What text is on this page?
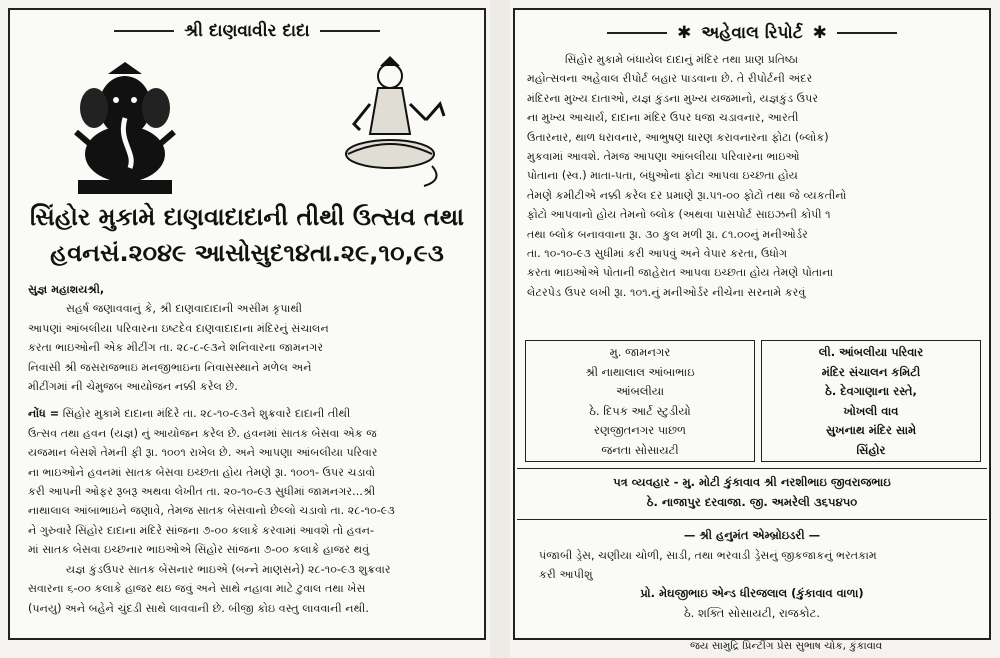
શ્રી દાણવાવીર દાદા
સિંહોર મુકામે દાણવાદાદાની તીથી ઉત્સવ તથા
હવનસં.૨૦૪૯ આસોસુદ૧૪તા.૨૯,૧૦,૯૩

સુજ્ઞ મહાશયશ્રી,

સહર્ષ જણાવવાનું કે, શ્રી દાણવાદાદાની અસીમ કૃપાથી

આપણાં આંબલીયા પરિવારના ઇષ્ટદેવ દાણવાદાદાના મંદિરનું સંચાલન

કરતા ભાઇઓની એક મીટીંગ તા. ૨૮-૮-૯૩ને શનિવારના જામનગર

નિવાસી શ્રી જસરાજભાઇ મનજીભાઇના નિવાસસ્થાને મળેલ અને

મીટીંગમાં ની ચેમુજબ આયોજન નક્કી કરેલ છે.

નોંધ = સિંહોર મુકામે દાદાના મંદિરે તા. ૨૮-૧૦-૯૩ને શુક્રવારે દાદાની તીથી

ઉત્સવ તથા હવન (યજ્ઞ) નું આયોજન કરેલ છે. હવનમાં સાતક બેસવા એક જ

યજમાન બેસશે તેમની ફી રૂા. ૧૦૦૧ રાખેલ છે. અને આપણા આંબલીયા પરિવાર

ના ભાઇઓને હવનમાં સાતક બેસવા ઇચ્છતા હોય તેમણે રૂા. ૧૦૦૧- ઉપર ચડાવો

કરી આપની ઓફર રૂબરૂ અથવા લેખીત તા. ૨૦-૧૦-૯૩ સુધીમાં જામનગર...શ્રી

નાથાલાલ આંબાભાઇને જણાવે, તેમજ સાતક બેસવાનો છેલ્લો ચડાવો તા. ૨૮-૧૦-૯૩

ને ગુરુવારે સિંહોર દાદાના મંદિરે સાંજના ૭-૦૦ કલાકે કરવામાં આવશે તો હવન-

માં સાતક બેસવા ઇચ્છનાર ભાઇઓએ સિંહોર સાંજના ૭-૦૦ કલાકે હાજર થવું

યજ્ઞ કુંડઉપર સાતક બેસનાર ભાઇએ (બન્ને માણસને) ૨૮-૧૦-૯૩ શુક્રવાર

સવારના ૬-૦૦ કલાકે હાજર થઇ જવું અને સાથે નહાવા માટે ટુવાલ તથા ખેસ

(પનયુ) અને બહેને ચુંદડી સાથે લાવવાની છે. બીજી કોઇ વસ્તુ લાવવાની નથી.

✱ અહેવાલ રિપોર્ટ ✱

સિંહોર મુકામે બંધાયેલ દાદાનું મંદિર તથા પ્રાણ પ્રતિષ્ઠા

મહોત્સવના અહેવાલ રીપોર્ટ બહાર પાડવાના છે. તે રીપોર્ટની અંદર

મંદિરના મુખ્ય દાતાઓ, યજ્ઞ કુંડના મુખ્ય યજમાનો, યજ્ઞકુંડ ઉપર

ના મુખ્ય આચાર્ય, દાદાના મંદિર ઉપર ધજા ચડાવનાર, આરતી

ઉતારનાર, થાળ ધરાવનાર, આભુષણ ધારણ કરાવનારના ફોટા (બ્લોક)

મુકવામાં આવશે. તેમજ આપણા આંબલીયા પરિવારના ભાઇઓ

પોતાના (સ્વ.) માતા-પતા, બંધુઓના ફોટા આપવા ઇચ્છતા હોય

તેમણે કમીટીએ નક્કી કરેલ દર પ્રમાણે રૂા.૫૧-૦૦ ફોટો તથા જે વ્યકતીનો

ફોટો આપવાનો હોય તેમનો બ્લોક (અથવા પાસપોર્ટ સાઇઝની કોપી ૧

તથા બ્લોક બનાવવાના રૂા. ૩૦ કુલ મળી રૂા. ૮૧.૦૦નું મનીઓર્ડર

તા. ૧૦-૧૦-૯૩ સુધીમાં કરી આપવું અને વેપાર કરતા, ઉધોગ

કરતા ભાઇઓએ પોતાની જાહેરાત આપવા ઇચ્છતા હોય તેમણે પોતાના

લેટરપેડ ઉપર લખી રૂા. ૧૦૧.નું મનીઓર્ડર નીચેના સરનામે કરવું

મુ. જામનગર

શ્રી નાથાલાલ આંબાભાઇ

આંબલીયા

ઠે. દિપક આર્ટ સ્ટુડીયો

રણજીતનગર પાછળ

જનતા સોસાયટી

લી. આંબલીયા પરિવાર

મંદિર સંચાલન કમિટી

ઠે. દેવગાણાના રસ્તે,

ખોખલી વાવ

સુખનાથ મંદિર સામે

સિંહોર

પત્ર વ્યવહાર - મુ. મોટી કુંકાવાવ શ્રી નરશીભાઇ જીવરાજભાઇ

ઠે. નાજાપુર દરવાજા. જી. અમરેલી ૩૬૫૪૫૦

— શ્રી હનુમંત એમ્બ્રોઇડરી —

પંજાબી ડ્રેસ, ચણીયા ચોળી, સાડી, તથા ભરવાડી ડ્રેસનું જીકજાકનું ભરતકામ

કરી આપીશું

પ્રો. મેઘજીભાઇ એન્ડ ધીરજલાલ (કુંકાવાવ વાળા)

ઠે. શક્તિ સોસાયટી, રાજકોટ.

જય સામુદ્રિ પ્રિન્ટીંગ પ્રેસ સુભાષ ચોક, કુંકાવાવ
